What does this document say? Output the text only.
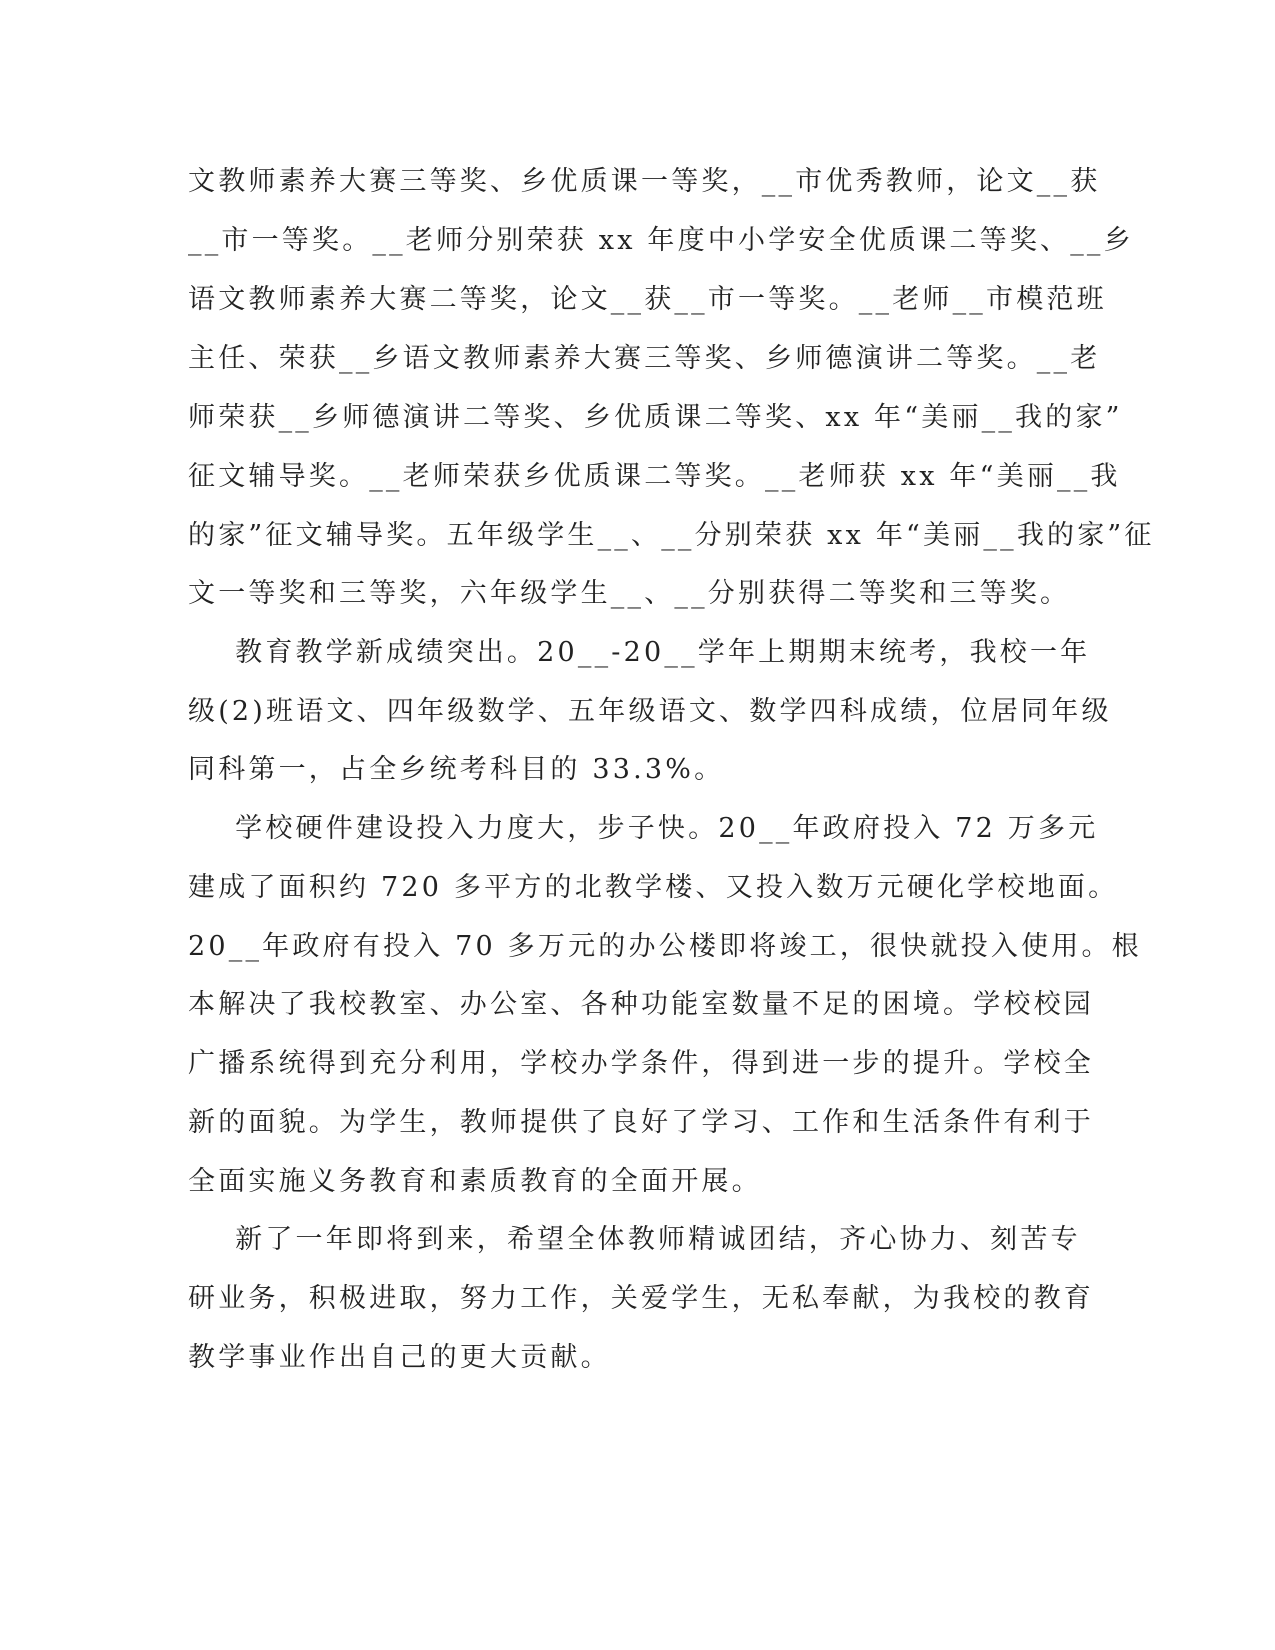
文教师素养大赛三等奖、乡优质课一等奖，__市优秀教师，论文__获
__市一等奖。__老师分别荣获 xx 年度中小学安全优质课二等奖、__乡
语文教师素养大赛二等奖，论文__获__市一等奖。__老师__市模范班
主任、荣获__乡语文教师素养大赛三等奖、乡师德演讲二等奖。__老
师荣获__乡师德演讲二等奖、乡优质课二等奖、xx 年“美丽__我的家”
征文辅导奖。__老师荣获乡优质课二等奖。__老师获 xx 年“美丽__我
的家”征文辅导奖。五年级学生__、__分别荣获 xx 年“美丽__我的家”征
文一等奖和三等奖，六年级学生__、__分别获得二等奖和三等奖。
教育教学新成绩突出。20__-20__学年上期期末统考，我校一年
级(2)班语文、四年级数学、五年级语文、数学四科成绩，位居同年级
同科第一，占全乡统考科目的 33.3%。
学校硬件建设投入力度大，步子快。20__年政府投入 72 万多元
建成了面积约 720 多平方的北教学楼、又投入数万元硬化学校地面。
20__年政府有投入 70 多万元的办公楼即将竣工，很快就投入使用。根
本解决了我校教室、办公室、各种功能室数量不足的困境。学校校园
广播系统得到充分利用，学校办学条件，得到进一步的提升。学校全
新的面貌。为学生，教师提供了良好了学习、工作和生活条件有利于
全面实施义务教育和素质教育的全面开展。
新了一年即将到来，希望全体教师精诚团结，齐心协力、刻苦专
研业务，积极进取，努力工作，关爱学生，无私奉献，为我校的教育
教学事业作出自己的更大贡献。
